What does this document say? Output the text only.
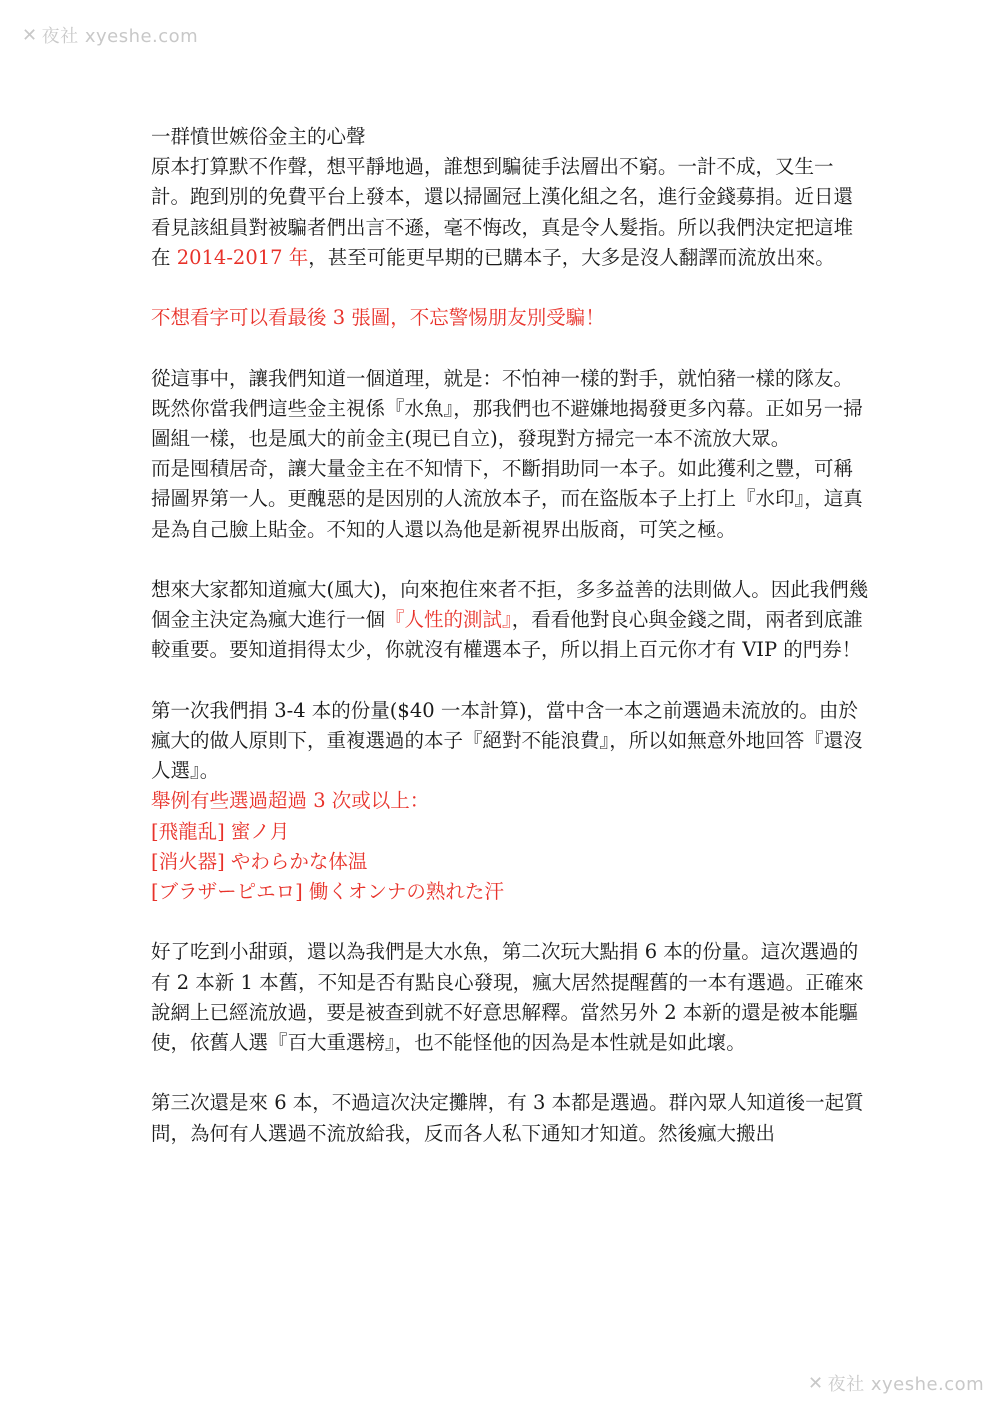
✕ 夜社 xyeshe.com

一群憤世嫉俗金主的心聲

原本打算默不作聲，想平靜地過，誰想到騙徒手法層出不窮。一計不成，又生一計。跑到別的免費平台上發本，還以掃圖冠上漢化組之名，進行金錢募捐。近日還看見該組員對被騙者們出言不遜，毫不悔改，真是令人髮指。所以我們決定把這堆在 2014-2017 年，甚至可能更早期的已購本子，大多是沒人翻譯而流放出來。

不想看字可以看最後 3 張圖，不忘警惕朋友別受騙！

從這事中，讓我們知道一個道理，就是：不怕神一樣的對手，就怕豬一樣的隊友。既然你當我們這些金主視係『水魚』，那我們也不避嫌地揭發更多內幕。正如另一掃圖組一樣，也是風大的前金主(現已自立)，發現對方掃完一本不流放大眾。

而是囤積居奇，讓大量金主在不知情下，不斷捐助同一本子。如此獲利之豐，可稱掃圖界第一人。更醜惡的是因別的人流放本子，而在盜版本子上打上『水印』，這真是為自己臉上貼金。不知的人還以為他是新視界出版商，可笑之極。

想來大家都知道瘋大(風大)，向來抱住來者不拒，多多益善的法則做人。因此我們幾個金主決定為瘋大進行一個『人性的測試』，看看他對良心與金錢之間，兩者到底誰較重要。要知道捐得太少，你就沒有權選本子，所以捐上百元你才有 VIP 的門券！

第一次我們捐 3-4 本的份量($40 一本計算)，當中含一本之前選過未流放的。由於瘋大的做人原則下，重複選過的本子『絕對不能浪費』，所以如無意外地回答『還沒人選』。

舉例有些選過超過 3 次或以上：

[飛龍乱] 蜜ノ月

[消火器] やわらかな体温

[ブラザーピエロ] 働くオンナの熟れた汗

好了吃到小甜頭，還以為我們是大水魚，第二次玩大點捐 6 本的份量。這次選過的有 2 本新 1 本舊，不知是否有點良心發現，瘋大居然提醒舊的一本有選過。正確來說網上已經流放過，要是被查到就不好意思解釋。當然另外 2 本新的還是被本能驅使，依舊人選『百大重選榜』，也不能怪他的因為是本性就是如此壞。

第三次還是來 6 本，不過這次決定攤牌，有 3 本都是選過。群內眾人知道後一起質問，為何有人選過不流放給我，反而各人私下通知才知道。然後瘋大搬出

✕ 夜社 xyeshe.com
